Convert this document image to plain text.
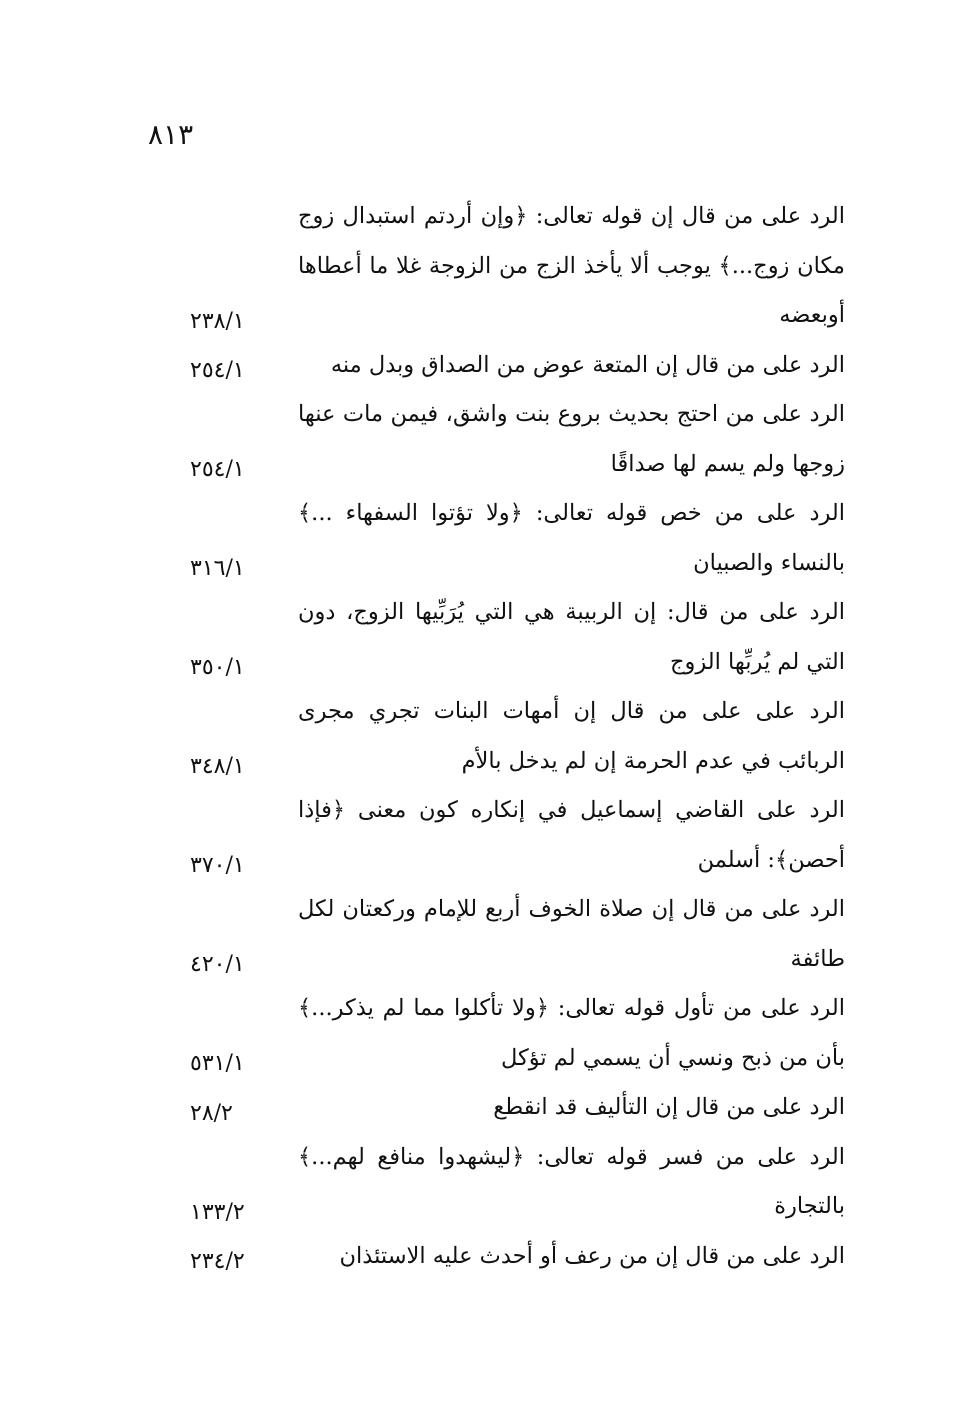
٨١٣
الرد على من قال إن قوله تعالى: ﴿وإن أردتم استبدال زوج مكان زوج...﴾ يوجب ألا يأخذ الزج من الزوجة غلا ما أعطاها أوبعضه
٢٣٨/١
الرد على من قال إن المتعة عوض من الصداق وبدل منه
٢٥٤/١
الرد على من احتج بحديث بروع بنت واشق، فيمن مات عنها زوجها ولم يسم لها صداقًا
٢٥٤/١
الرد على من خص قوله تعالى: ﴿ولا تؤتوا السفهاء ...﴾ بالنساء والصبيان
٣١٦/١
الرد على من قال: إن الربيبة هي التي يُرَبِّيها الزوج، دون التي لم يُربِّها الزوج
٣٥٠/١
الرد على على من قال إن أمهات البنات تجري مجرى الربائب في عدم الحرمة إن لم يدخل بالأم
٣٤٨/١
الرد على القاضي إسماعيل في إنكاره كون معنى ﴿فإذا أحصن﴾: أسلمن
٣٧٠/١
الرد على من قال إن صلاة الخوف أربع للإمام وركعتان لكل طائفة
٤٢٠/١
الرد على من تأول قوله تعالى: ﴿ولا تأكلوا مما لم يذكر...﴾ بأن من ذبح ونسي أن يسمي لم تؤكل
٥٣١/١
الرد على من قال إن التأليف قد انقطع
٢٨/٢
الرد على من فسر قوله تعالى: ﴿ليشهدوا منافع لهم...﴾ بالتجارة
١٣٣/٢
الرد على من قال إن من رعف أو أحدث عليه الاستئذان
٢٣٤/٢
